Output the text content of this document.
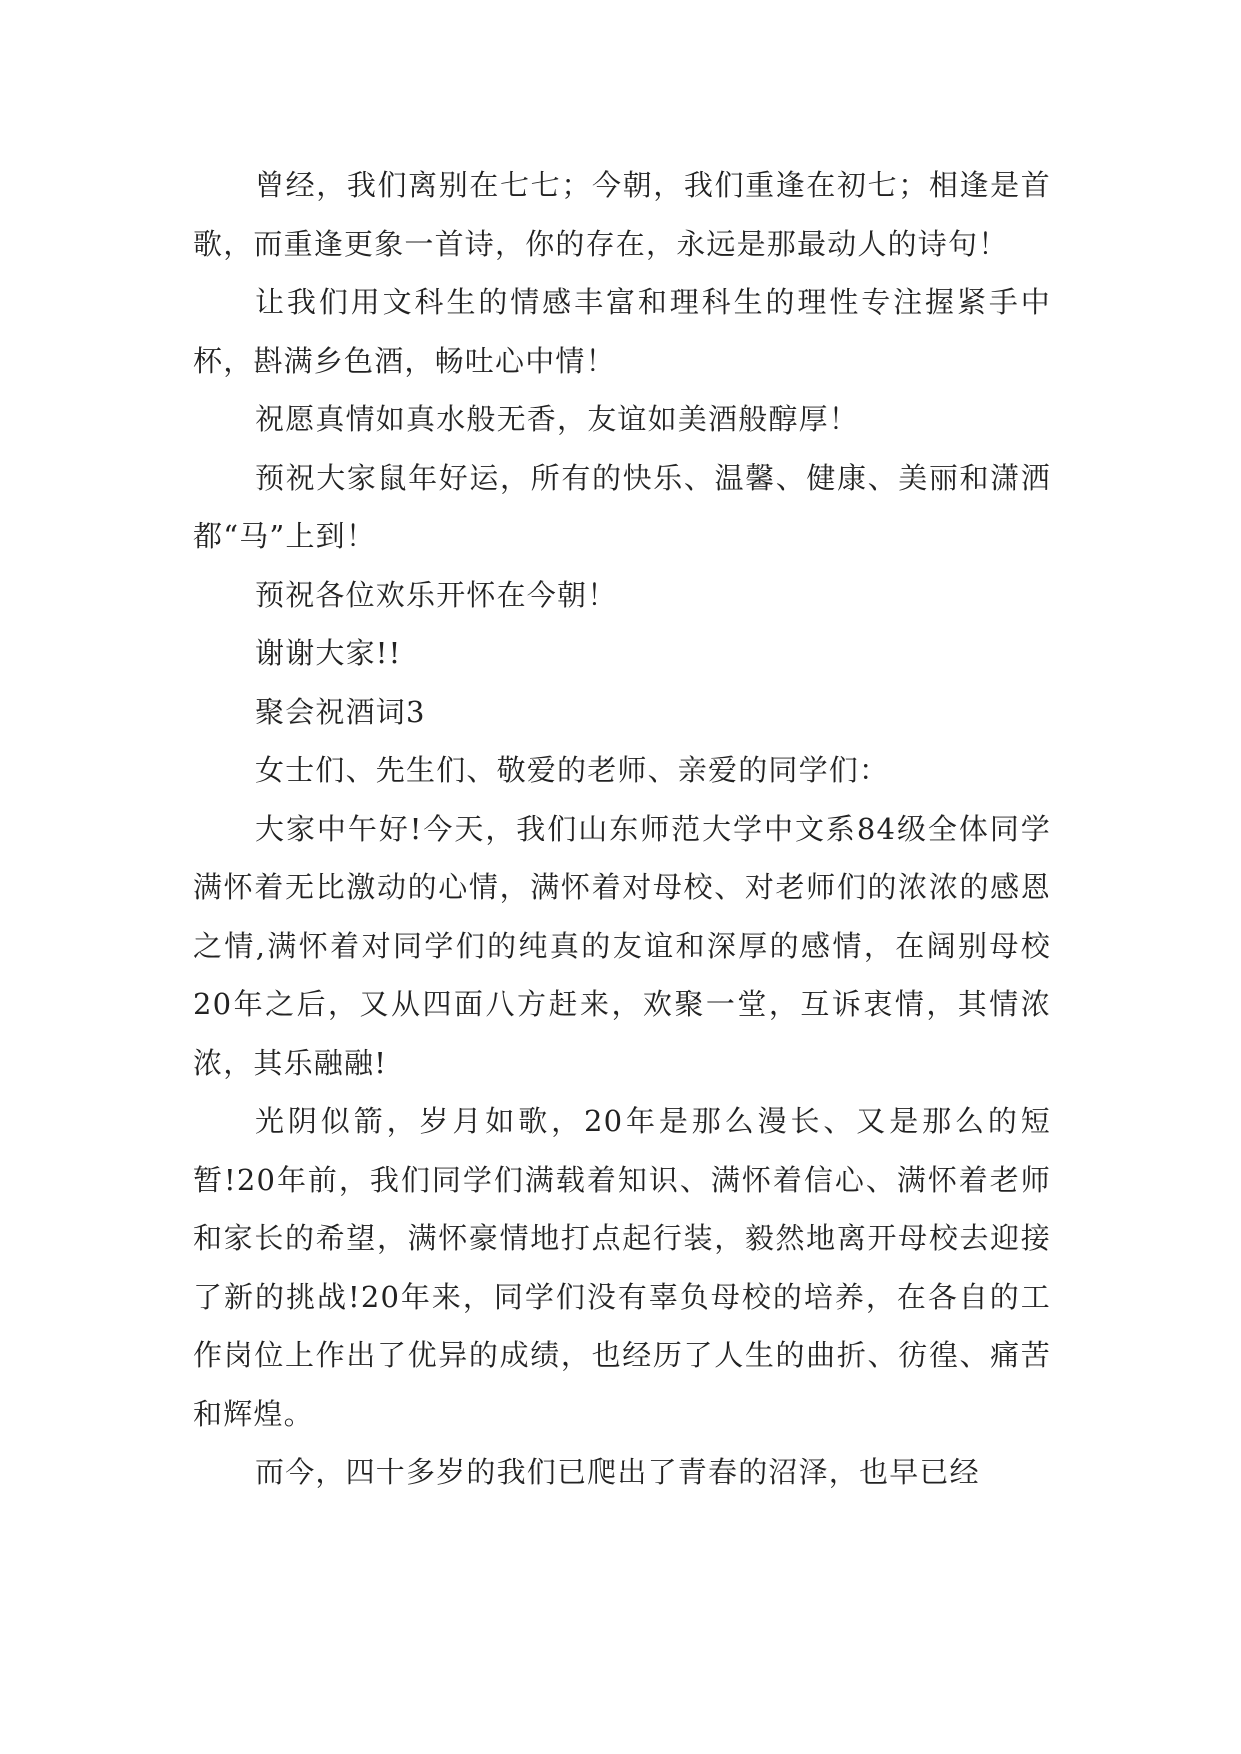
曾经，我们离别在七七；今朝，我们重逢在初七；相逢是首歌，而重逢更象一首诗，你的存在，永远是那最动人的诗句！

让我们用文科生的情感丰富和理科生的理性专注握紧手中杯，斟满乡色酒，畅吐心中情！

祝愿真情如真水般无香，友谊如美酒般醇厚！

预祝大家鼠年好运，所有的快乐、温馨、健康、美丽和潇洒都“马”上到！

预祝各位欢乐开怀在今朝！

谢谢大家!!

聚会祝酒词3

女士们、先生们、敬爱的老师、亲爱的同学们：

大家中午好!今天，我们山东师范大学中文系84级全体同学满怀着无比激动的心情，满怀着对母校、对老师们的浓浓的感恩之情,满怀着对同学们的纯真的友谊和深厚的感情，在阔别母校20年之后，又从四面八方赶来，欢聚一堂，互诉衷情，其情浓浓，其乐融融!

光阴似箭，岁月如歌，20年是那么漫长、又是那么的短暂!20年前，我们同学们满载着知识、满怀着信心、满怀着老师和家长的希望，满怀豪情地打点起行装，毅然地离开母校去迎接了新的挑战!20年来，同学们没有辜负母校的培养，在各自的工作岗位上作出了优异的成绩，也经历了人生的曲折、彷徨、痛苦和辉煌。

而今，四十多岁的我们已爬出了青春的沼泽，也早已经
